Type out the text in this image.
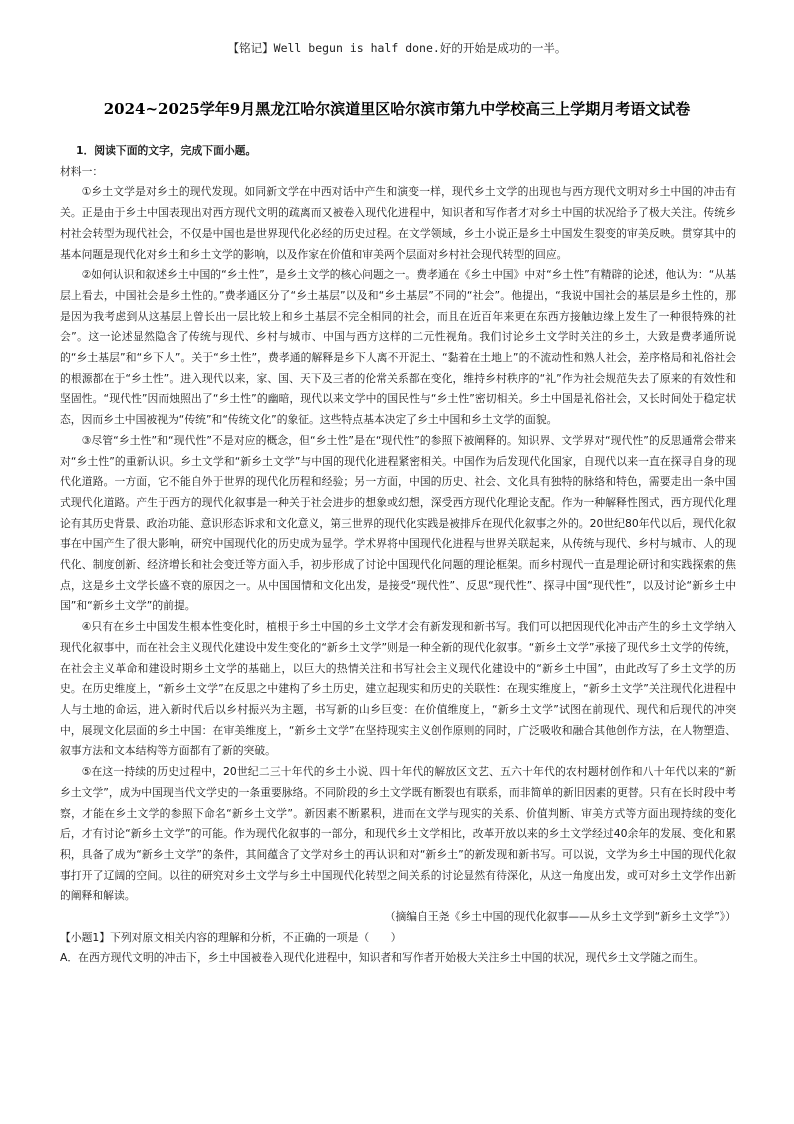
【铭记】Well begun is half done.好的开始是成功的一半。
2024~2025学年9月黑龙江哈尔滨道里区哈尔滨市第九中学校高三上学期月考语文试卷
1．阅读下面的文字，完成下面小题。
材料一：

①乡土文学是对乡土的现代发现。如同新文学在中西对话中产生和演变一样，现代乡土文学的出现也与西方现代文明对乡土中国的冲击有关。正是由于乡土中国表现出对西方现代文明的疏离而又被卷入现代化进程中，知识者和写作者才对乡土中国的状况给予了极大关注。传统乡村社会转型为现代社会，不仅是中国也是世界现代化必经的历史过程。在文学领域，乡土小说正是乡土中国发生裂变的审美反映。贯穿其中的基本问题是现代化对乡土和乡土文学的影响，以及作家在价值和审美两个层面对乡村社会现代转型的回应。

②如何认识和叙述乡土中国的“乡土性”，是乡土文学的核心问题之一。费孝通在《乡土中国》中对“乡土性”有精辟的论述，他认为：“从基层上看去，中国社会是乡土性的。”费孝通区分了“乡土基层”以及和“乡土基层”不同的“社会”。他提出，“我说中国社会的基层是乡土性的，那是因为我考虑到从这基层上曾长出一层比较上和乡土基层不完全相同的社会，而且在近百年来更在东西方接触边缘上发生了一种很特殊的社会”。这一论述显然隐含了传统与现代、乡村与城市、中国与西方这样的二元性视角。我们讨论乡土文学时关注的乡土，大致是费孝通所说的“乡土基层”和“乡下人”。关于“乡土性”，费孝通的解释是乡下人离不开泥土、“黏着在土地上”的不流动性和熟人社会，差序格局和礼俗社会的根源都在于“乡土性”。进入现代以来，家、国、天下及三者的伦常关系都在变化，维持乡村秩序的“礼”作为社会规范失去了原来的有效性和坚固性。“现代性”因而烛照出了“乡土性”的幽暗，现代以来文学中的国民性与“乡土性”密切相关。乡土中国是礼俗社会，又长时间处于稳定状态，因而乡土中国被视为“传统”和“传统文化”的象征。这些特点基本决定了乡土中国和乡土文学的面貌。

③尽管“乡土性”和“现代性”不是对应的概念，但“乡土性”是在“现代性”的参照下被阐释的。知识界、文学界对“现代性”的反思通常会带来对“乡土性”的重新认识。乡土文学和“新乡土文学”与中国的现代化进程紧密相关。中国作为后发现代化国家，自现代以来一直在探寻自身的现代化道路。一方面，它不能自外于世界的现代化历程和经验；另一方面，中国的历史、社会、文化具有独特的脉络和特色，需要走出一条中国式现代化道路。产生于西方的现代化叙事是一种关于社会进步的想象或幻想，深受西方现代化理论支配。作为一种解释性图式，西方现代化理论有其历史背景、政治功能、意识形态诉求和文化意义，第三世界的现代化实践是被排斥在现代化叙事之外的。20世纪80年代以后，现代化叙事在中国产生了很大影响，研究中国现代化的历史成为显学。学术界将中国现代化进程与世界关联起来，从传统与现代、乡村与城市、人的现代化、制度创新、经济增长和社会变迁等方面入手，初步形成了讨论中国现代化问题的理论框架。而乡村现代一直是理论研讨和实践探索的焦点，这是乡土文学长盛不衰的原因之一。从中国国情和文化出发，是接受“现代性”、反思“现代性”、探寻中国“现代性”，以及讨论“新乡土中国”和“新乡土文学”的前提。

④只有在乡土中国发生根本性变化时，植根于乡土中国的乡土文学才会有新发现和新书写。我们可以把因现代化冲击产生的乡土文学纳入现代化叙事中，而在社会主义现代化建设中发生变化的“新乡土文学”则是一种全新的现代化叙事。“新乡土文学”承接了现代乡土文学的传统，在社会主义革命和建设时期乡土文学的基础上，以巨大的热情关注和书写社会主义现代化建设中的“新乡土中国”，由此改写了乡土文学的历史。在历史维度上，“新乡土文学”在反思之中建构了乡土历史，建立起现实和历史的关联性：在现实维度上，“新乡土文学”关注现代化进程中人与土地的命运，进入新时代后以乡村振兴为主题，书写新的山乡巨变：在价值维度上，“新乡土文学”试图在前现代、现代和后现代的冲突中，展现文化层面的乡土中国：在审美维度上，“新乡土文学”在坚持现实主义创作原则的同时，广泛吸收和融合其他创作方法，在人物塑造、叙事方法和文本结构等方面都有了新的突破。

⑤在这一持续的历史过程中，20世纪二三十年代的乡土小说、四十年代的解放区文艺、五六十年代的农村题材创作和八十年代以来的“新乡土文学”，成为中国现当代文学史的一条重要脉络。不同阶段的乡土文学既有断裂也有联系，而非简单的新旧因素的更替。只有在长时段中考察，才能在乡土文学的参照下命名“新乡土文学”。新因素不断累积，进而在文学与现实的关系、价值判断、审美方式等方面出现持续的变化后，才有讨论“新乡土文学”的可能。作为现代化叙事的一部分，和现代乡土文学相比，改革开放以来的乡土文学经过40余年的发展、变化和累积，具备了成为“新乡土文学”的条件，其间蕴含了文学对乡土的再认识和对“新乡土”的新发现和新书写。可以说，文学为乡土中国的现代化叙事打开了辽阔的空间。以往的研究对乡土文学与乡土中国现代化转型之间关系的讨论显然有待深化，从这一角度出发，或可对乡土文学作出新的阐释和解读。

（摘编自王尧《乡土中国的现代化叙事——从乡土文学到“新乡土文学”》）
【小题1】下列对原文相关内容的理解和分析，不正确的一项是（　　）

A．在西方现代文明的冲击下，乡土中国被卷入现代化进程中，知识者和写作者开始极大关注乡土中国的状况，现代乡土文学随之而生。
